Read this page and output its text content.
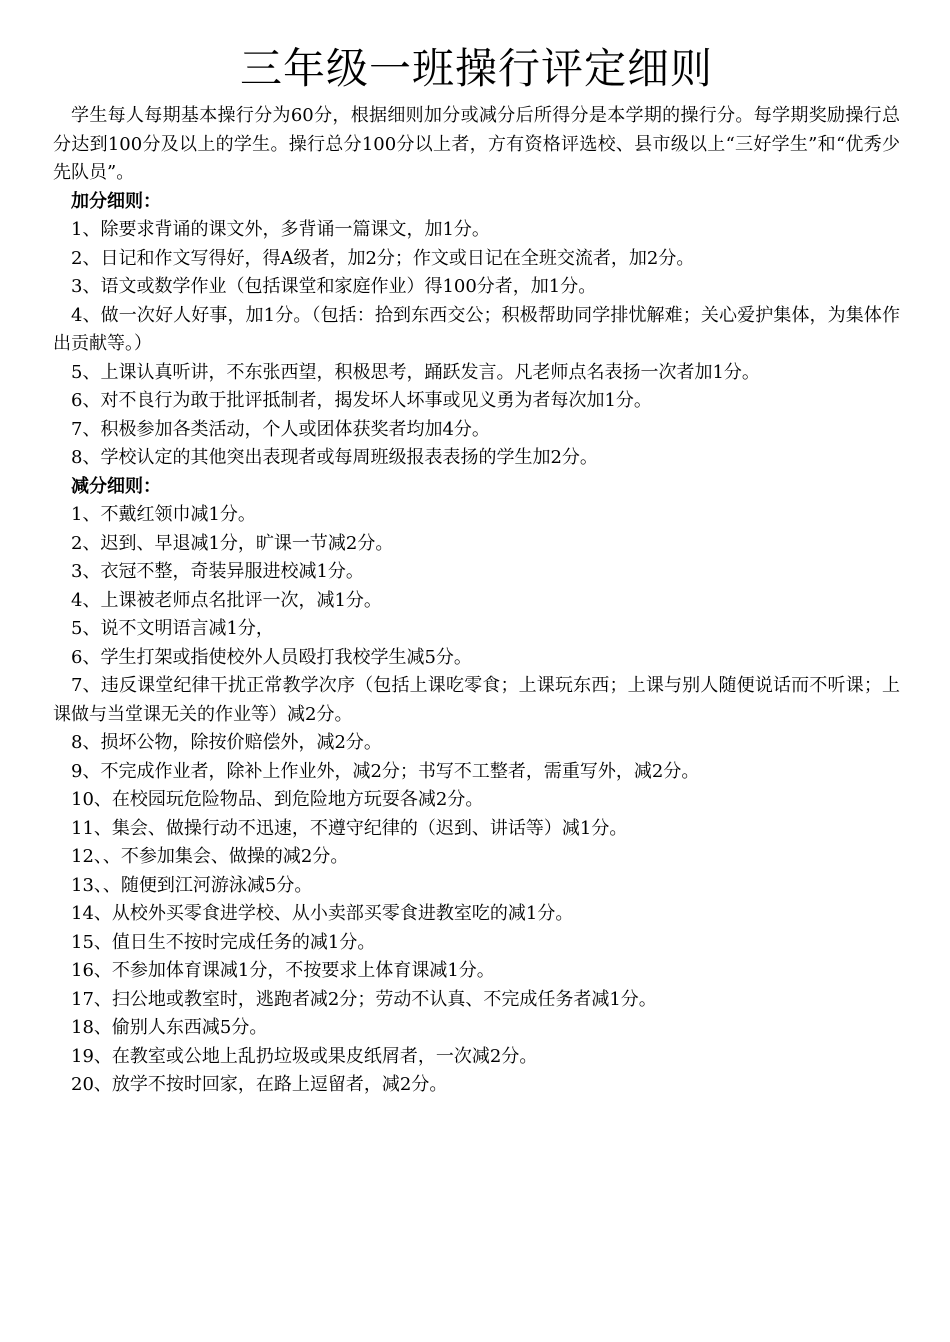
三年级一班操行评定细则

学生每人每期基本操行分为60分，根据细则加分或减分后所得分是本学期的操行分。每学期奖励操行总分达到100分及以上的学生。操行总分100分以上者，方有资格评选校、县市级以上“三好学生”和“优秀少先队员”。

加分细则：

1、除要求背诵的课文外，多背诵一篇课文，加1分。

2、日记和作文写得好，得A级者，加2分；作文或日记在全班交流者，加2分。

3、语文或数学作业（包括课堂和家庭作业）得100分者，加1分。

4、做一次好人好事，加1分。（包括：拾到东西交公；积极帮助同学排忧解难；关心爱护集体，为集体作出贡献等。）

5、上课认真听讲，不东张西望，积极思考，踊跃发言。凡老师点名表扬一次者加1分。

6、对不良行为敢于批评抵制者，揭发坏人坏事或见义勇为者每次加1分。

7、积极参加各类活动，个人或团体获奖者均加4分。

8、学校认定的其他突出表现者或每周班级报表表扬的学生加2分。

减分细则：

1、不戴红领巾减1分。

2、迟到、早退减1分，旷课一节减2分。

3、衣冠不整，奇装异服进校减1分。

4、上课被老师点名批评一次，减1分。

5、说不文明语言减1分，

6、学生打架或指使校外人员殴打我校学生减5分。

7、违反课堂纪律干扰正常教学次序（包括上课吃零食；上课玩东西；上课与别人随便说话而不听课；上课做与当堂课无关的作业等）减2分。

8、损坏公物，除按价赔偿外，减2分。

9、不完成作业者，除补上作业外，减2分；书写不工整者，需重写外，减2分。

10、在校园玩危险物品、到危险地方玩耍各减2分。

11、集会、做操行动不迅速，不遵守纪律的（迟到、讲话等）减1分。

12、、不参加集会、做操的减2分。

13、、随便到江河游泳减5分。

14、从校外买零食进学校、从小卖部买零食进教室吃的减1分。

15、值日生不按时完成任务的减1分。

16、不参加体育课减1分，不按要求上体育课减1分。

17、扫公地或教室时，逃跑者减2分；劳动不认真、不完成任务者减1分。

18、偷别人东西减5分。

19、在教室或公地上乱扔垃圾或果皮纸屑者，一次减2分。

20、放学不按时回家，在路上逗留者，减2分。
